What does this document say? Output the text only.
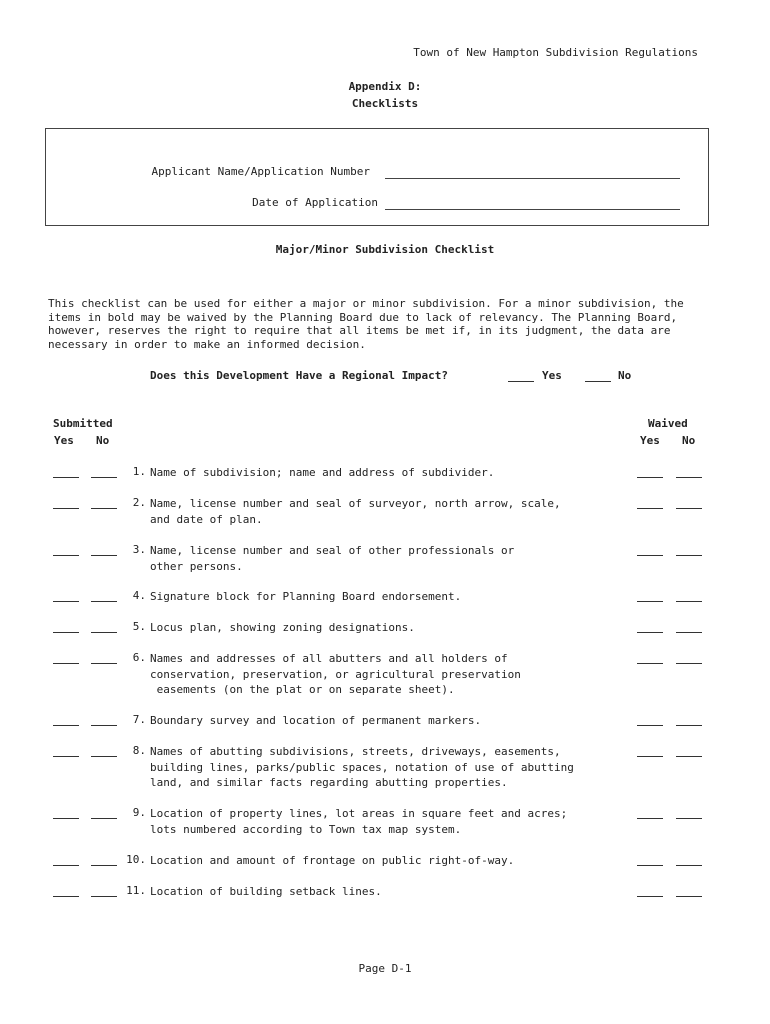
Town of New Hampton Subdivision Regulations
Appendix D:
Checklists
Applicant Name/Application Number
Date of Application
Major/Minor Subdivision Checklist
This checklist can be used for either a major or minor subdivision. For a minor subdivision, the items in bold may be waived by the Planning Board due to lack of relevancy. The Planning Board, however, reserves the right to require that all items be met if, in its judgment, the data are necessary in order to make an informed decision.
Does this Development Have a Regional Impact?	Yes	No
Submitted
Yes No
Waived
Yes No
1. Name of subdivision; name and address of subdivider.
2. Name, license number and seal of surveyor, north arrow, scale,
and date of plan.
3. Name, license number and seal of other professionals or
other persons.
4. Signature block for Planning Board endorsement.
5. Locus plan, showing zoning designations.
6. Names and addresses of all abutters and all holders of
conservation, preservation, or agricultural preservation
easements (on the plat or on separate sheet).
7. Boundary survey and location of permanent markers.
8. Names of abutting subdivisions, streets, driveways, easements,
building lines, parks/public spaces, notation of use of abutting
land, and similar facts regarding abutting properties.
9. Location of property lines, lot areas in square feet and acres;
lots numbered according to Town tax map system.
10. Location and amount of frontage on public right-of-way.
11. Location of building setback lines.
Page D-1
